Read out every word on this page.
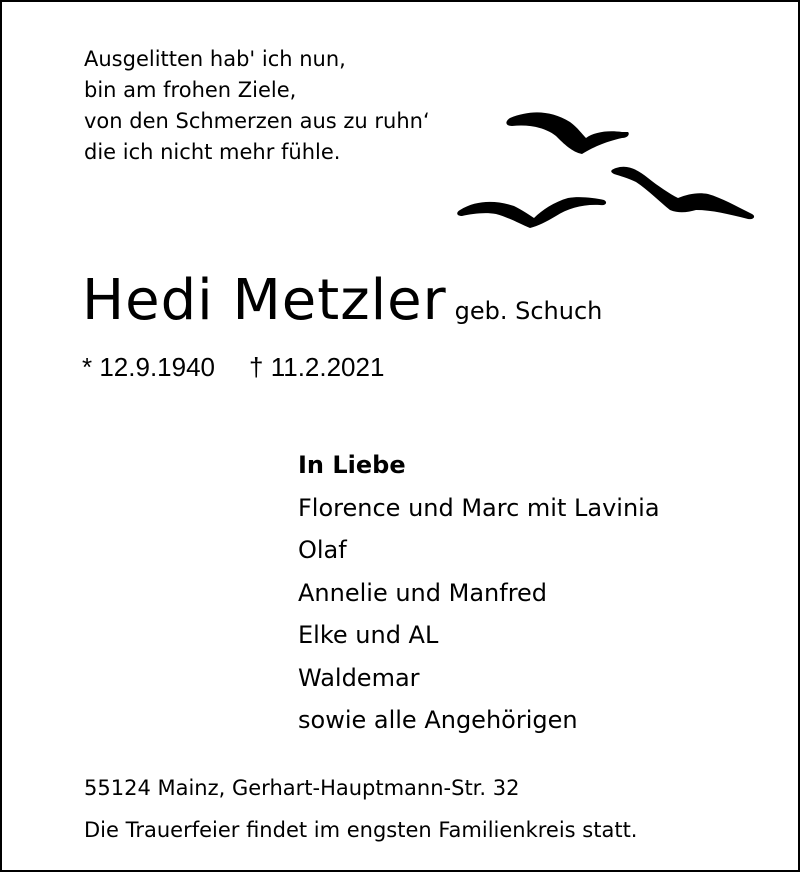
Ausgelitten hab' ich nun,
bin am frohen Ziele,
von den Schmerzen aus zu ruhn‘
die ich nicht mehr fühle.
Hedi Metzler geb. Schuch
* 12.9.1940 † 11.2.2021
In Liebe
Florence und Marc mit Lavinia
Olaf
Annelie und Manfred
Elke und AL
Waldemar
sowie alle Angehörigen
55124 Mainz, Gerhart-Hauptmann-Str. 32
Die Trauerfeier findet im engsten Familienkreis statt.
